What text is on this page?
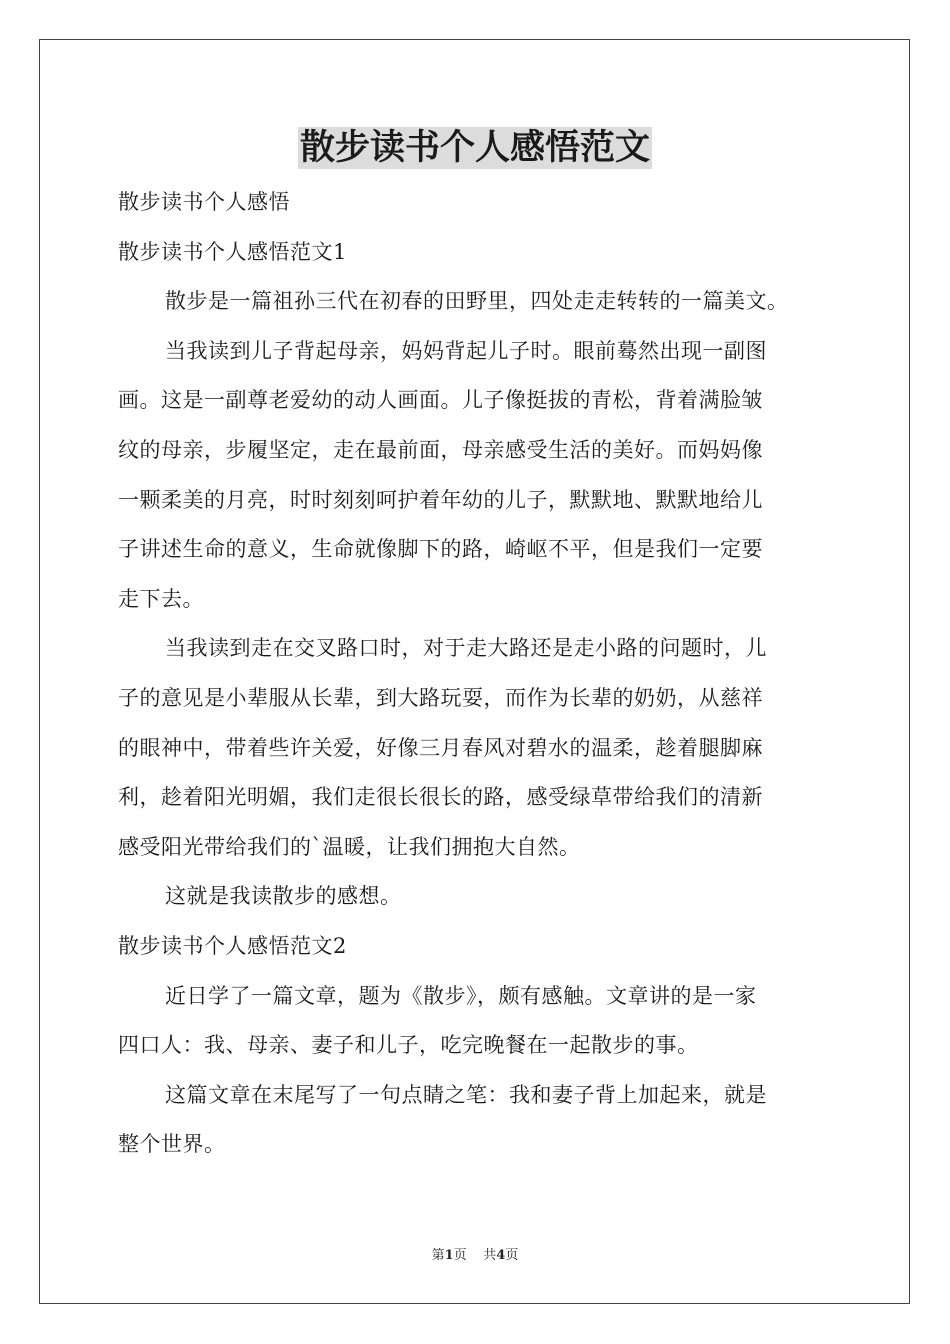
散步读书个人感悟范文

散步读书个人感悟

散步读书个人感悟范文1

散步是一篇祖孙三代在初春的田野里，四处走走转转的一篇美文。

当我读到儿子背起母亲，妈妈背起儿子时。眼前蓦然出现一副图

画。这是一副尊老爱幼的动人画面。儿子像挺拔的青松，背着满脸皱

纹的母亲，步履坚定，走在最前面，母亲感受生活的美好。而妈妈像

一颗柔美的月亮，时时刻刻呵护着年幼的儿子，默默地、默默地给儿

子讲述生命的意义，生命就像脚下的路，崎岖不平，但是我们一定要

走下去。

当我读到走在交叉路口时，对于走大路还是走小路的问题时，儿

子的意见是小辈服从长辈，到大路玩耍，而作为长辈的奶奶，从慈祥

的眼神中，带着些许关爱，好像三月春风对碧水的温柔，趁着腿脚麻

利，趁着阳光明媚，我们走很长很长的路，感受绿草带给我们的清新

感受阳光带给我们的`温暖，让我们拥抱大自然。

这就是我读散步的感想。

散步读书个人感悟范文2

近日学了一篇文章，题为《散步》，颇有感触。文章讲的是一家

四口人：我、母亲、妻子和儿子，吃完晚餐在一起散步的事。

这篇文章在末尾写了一句点睛之笔：我和妻子背上加起来，就是

整个世界。

第1页 共4页
